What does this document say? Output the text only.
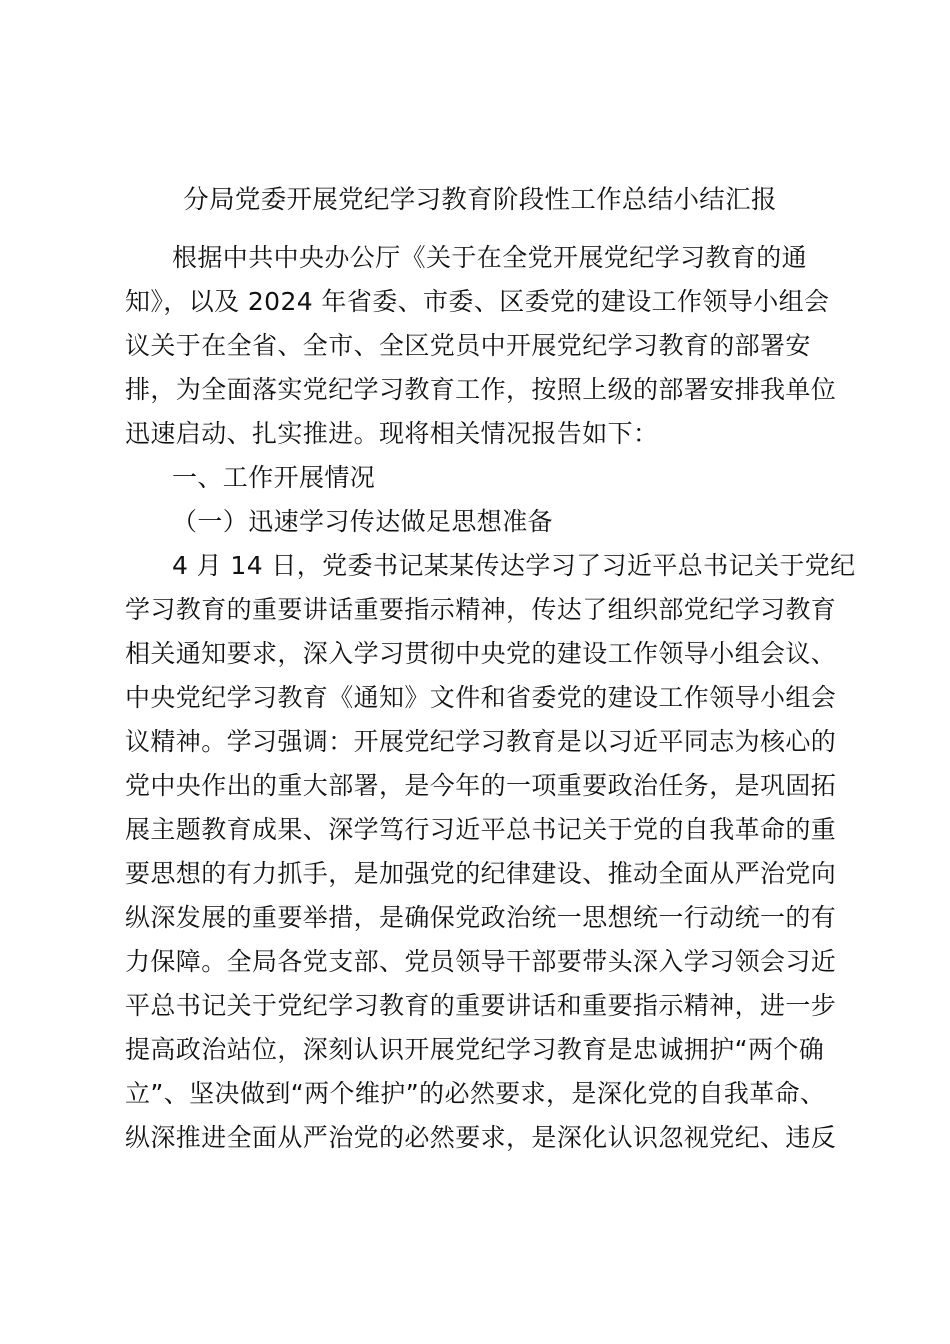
分局党委开展党纪学习教育阶段性工作总结小结汇报
根据中共中央办公厅《关于在全党开展党纪学习教育的通
知》，以及 2024 年省委、市委、区委党的建设工作领导小组会
议关于在全省、全市、全区党员中开展党纪学习教育的部署安
排，为全面落实党纪学习教育工作，按照上级的部署安排我单位
迅速启动、扎实推进。现将相关情况报告如下：
一、工作开展情况
（一）迅速学习传达做足思想准备
4 月 14 日，党委书记某某传达学习了习近平总书记关于党纪
学习教育的重要讲话重要指示精神，传达了组织部党纪学习教育
相关通知要求，深入学习贯彻中央党的建设工作领导小组会议、
中央党纪学习教育《通知》文件和省委党的建设工作领导小组会
议精神。学习强调：开展党纪学习教育是以习近平同志为核心的
党中央作出的重大部署，是今年的一项重要政治任务，是巩固拓
展主题教育成果、深学笃行习近平总书记关于党的自我革命的重
要思想的有力抓手，是加强党的纪律建设、推动全面从严治党向
纵深发展的重要举措，是确保党政治统一思想统一行动统一的有
力保障。全局各党支部、党员领导干部要带头深入学习领会习近
平总书记关于党纪学习教育的重要讲话和重要指示精神，进一步
提高政治站位，深刻认识开展党纪学习教育是忠诚拥护“两个确
立”、坚决做到“两个维护”的必然要求，是深化党的自我革命、
纵深推进全面从严治党的必然要求，是深化认识忽视党纪、违反
